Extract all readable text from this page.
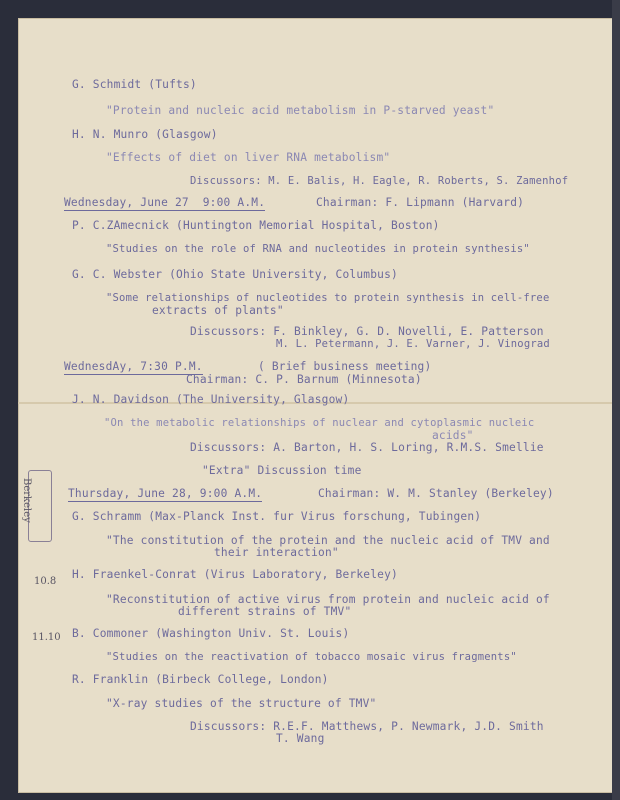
G. Schmidt (Tufts)
"Protein and nucleic acid metabolism in P-starved yeast"
H. N. Munro (Glasgow)
"Effects of diet on liver RNA metabolism"
Discussors: M. E. Balis, H. Eagle, R. Roberts, S. Zamenhof
Wednesday, June 27  9:00 A.M.	Chairman: F. Lipmann (Harvard)
P. C.ZAmecnick (Huntington Memorial Hospital, Boston)
"Studies on the role of RNA and nucleotides in protein synthesis"
G. C. Webster (Ohio State University, Columbus)
"Some relationships of nucleotides to protein synthesis in cell-free
extracts of plants"
Discussors: F. Binkley, G. D. Novelli, E. Patterson
M. L. Petermann, J. E. Varner, J. Vinograd
WednesdAy, 7:30 P.M.	( Brief business meeting)
Chairman: C. P. Barnum (Minnesota)
J. N. Davidson (The University, Glasgow)
"On the metabolic relationships of nuclear and cytoplasmic nucleic
acids"
Discussors: A. Barton, H. S. Loring, R.M.S. Smellie
"Extra" Discussion time
Thursday, June 28, 9:00 A.M.	Chairman: W. M. Stanley (Berkeley)
G. Schramm (Max-Planck Inst. fur Virus forschung, Tubingen)
"The constitution of the protein and the nucleic acid of TMV and
their interaction"
H. Fraenkel-Conrat (Virus Laboratory, Berkeley)
"Reconstitution of active virus from protein and nucleic acid of
different strains of TMV"
B. Commoner (Washington Univ. St. Louis)
"Studies on the reactivation of tobacco mosaic virus fragments"
R. Franklin (Birbeck College, London)
"X-ray studies of the structure of TMV"
Discussors: R.E.F. Matthews, P. Newmark, J.D. Smith
T. Wang
Berkeley
10.8
11.10
